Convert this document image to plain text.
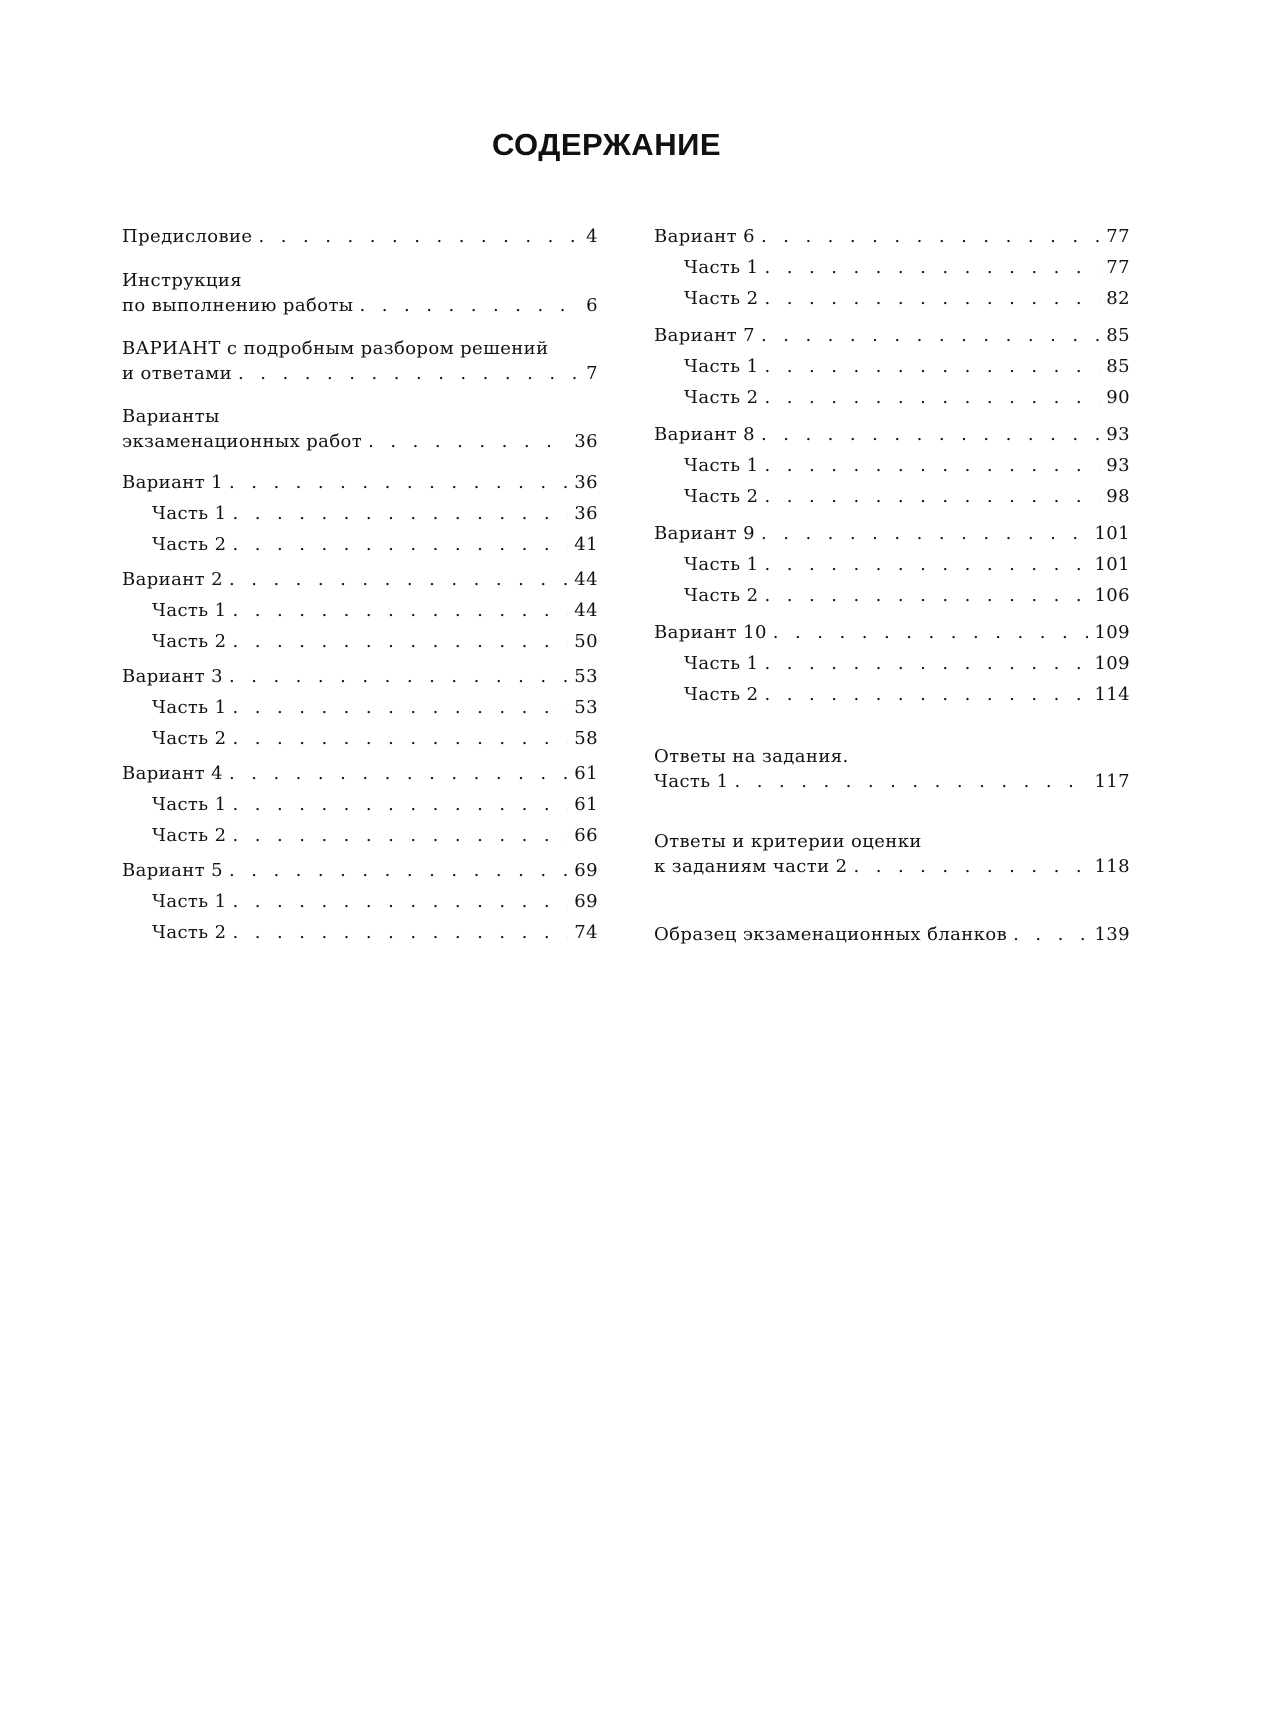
СОДЕРЖАНИЕ
Предисловие . . .	4
Инструкция
по выполнению работы . . .	6
ВАРИАНТ с подробным разбором решений
и ответами . . .	7
Варианты
экзаменационных работ . . .	36
Вариант 1 . . .	36
Часть 1 . . .	36
Часть 2 . . .	41
Вариант 2 . . .	44
Часть 1 . . .	44
Часть 2 . . .	50
Вариант 3 . . .	53
Часть 1 . . .	53
Часть 2 . . .	58
Вариант 4 . . .	61
Часть 1 . . .	61
Часть 2 . . .	66
Вариант 5 . . .	69
Часть 1 . . .	69
Часть 2 . . .	74
Вариант 6 . . .	77
Часть 1 . . .	77
Часть 2 . . .	82
Вариант 7 . . .	85
Часть 1 . . .	85
Часть 2 . . .	90
Вариант 8 . . .	93
Часть 1 . . .	93
Часть 2 . . .	98
Вариант 9 . . .	101
Часть 1 . . .	101
Часть 2 . . .	106
Вариант 10 . . .	109
Часть 1 . . .	109
Часть 2 . . .	114
Ответы на задания.
Часть 1 . . .	117
Ответы и критерии оценки
к заданиям части 2 . . .	118
Образец экзаменационных бланков . . .	139
